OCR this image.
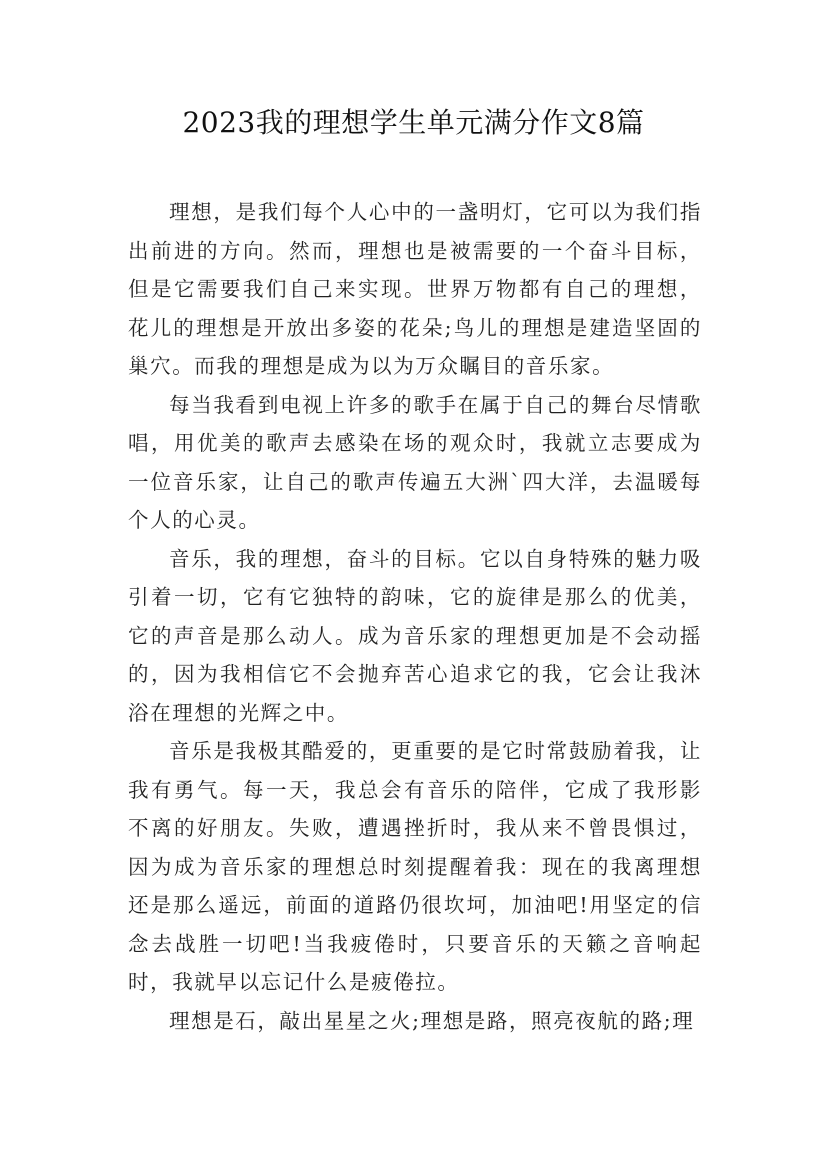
2023我的理想学生单元满分作文8篇

理想，是我们每个人心中的一盏明灯，它可以为我们指出前进的方向。然而，理想也是被需要的一个奋斗目标，但是它需要我们自己来实现。世界万物都有自己的理想，花儿的理想是开放出多姿的花朵;鸟儿的理想是建造坚固的巢穴。而我的理想是成为以为万众瞩目的音乐家。

每当我看到电视上许多的歌手在属于自己的舞台尽情歌唱，用优美的歌声去感染在场的观众时，我就立志要成为一位音乐家，让自己的歌声传遍五大洲`四大洋，去温暖每个人的心灵。

音乐，我的理想，奋斗的目标。它以自身特殊的魅力吸引着一切，它有它独特的韵味，它的旋律是那么的优美，它的声音是那么动人。成为音乐家的理想更加是不会动摇的，因为我相信它不会抛弃苦心追求它的我，它会让我沐浴在理想的光辉之中。

音乐是我极其酷爱的，更重要的是它时常鼓励着我，让我有勇气。每一天，我总会有音乐的陪伴，它成了我形影不离的好朋友。失败，遭遇挫折时，我从来不曾畏惧过，因为成为音乐家的理想总时刻提醒着我：现在的我离理想还是那么遥远，前面的道路仍很坎坷，加油吧!用坚定的信念去战胜一切吧!当我疲倦时，只要音乐的天籁之音响起时，我就早以忘记什么是疲倦拉。

理想是石，敲出星星之火;理想是路，照亮夜航的路;理
